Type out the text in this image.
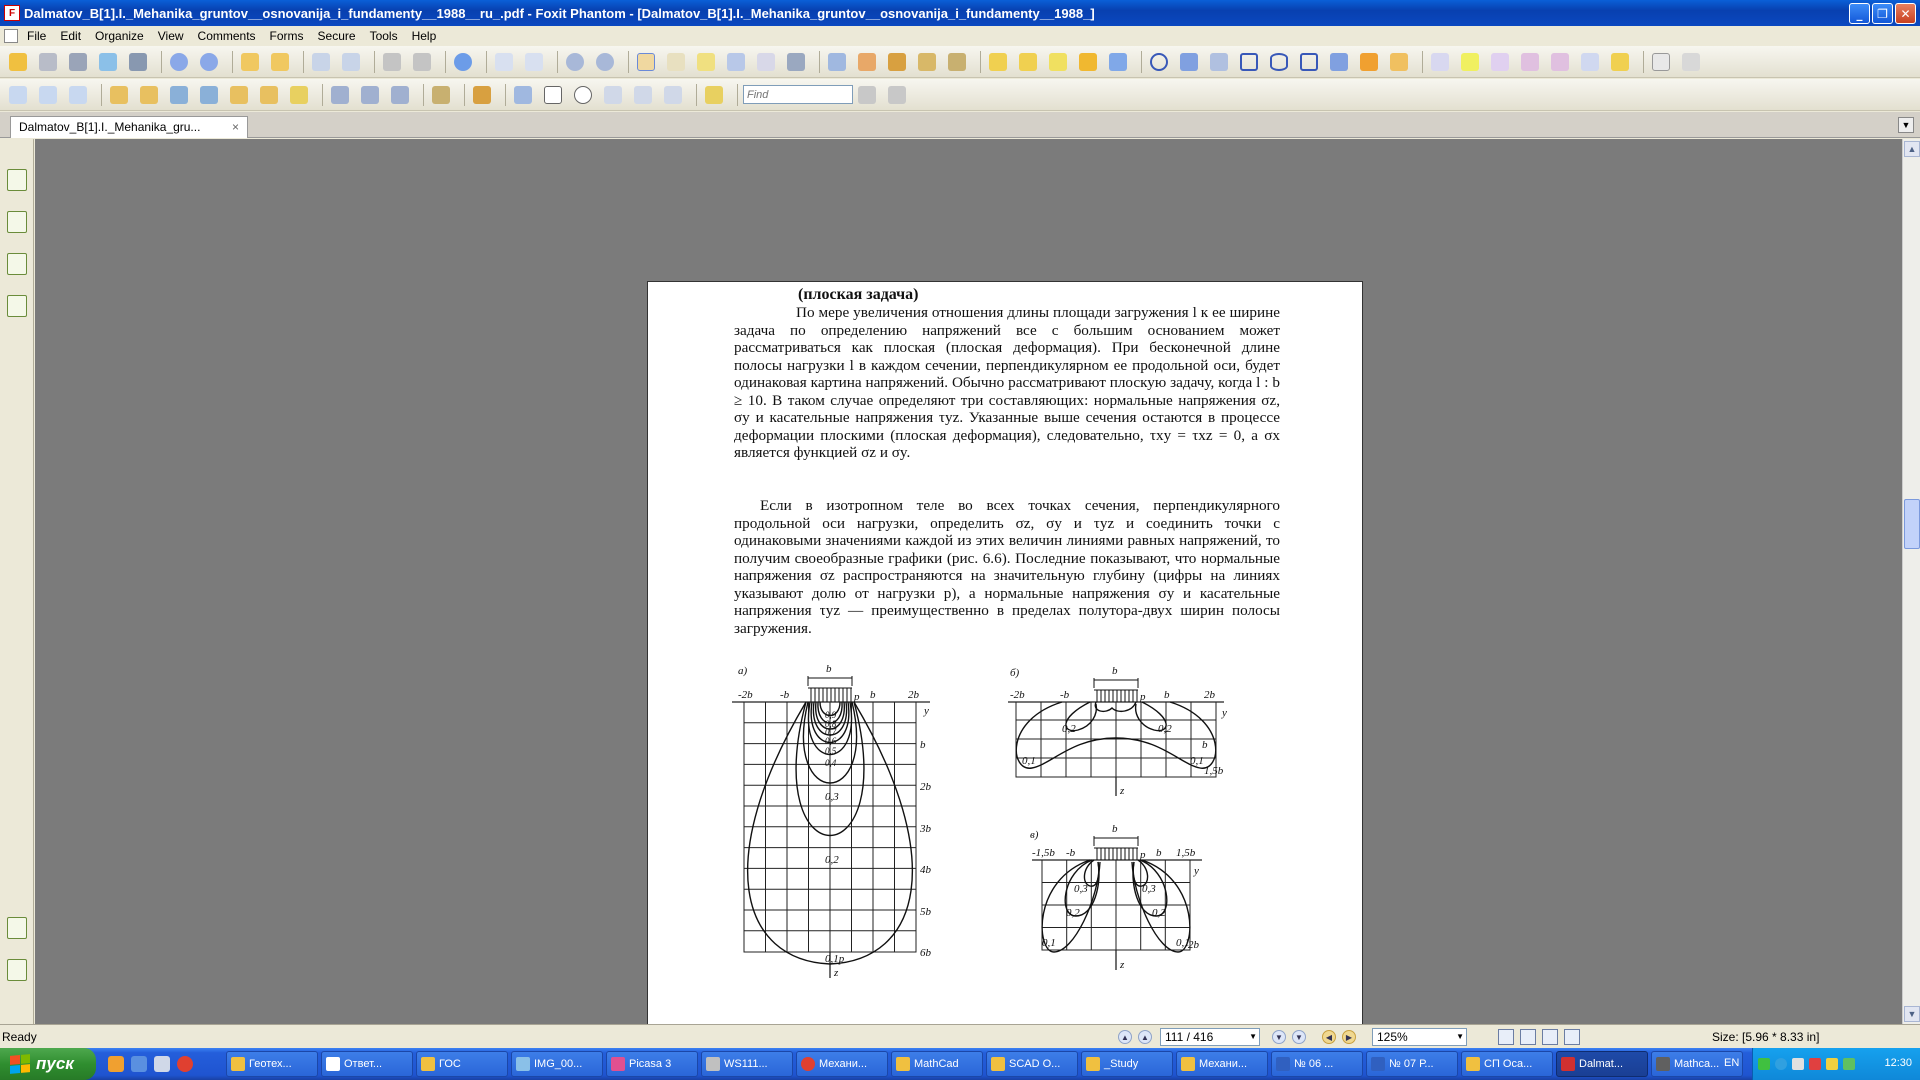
F Dalmatov_B[1].I._Mehanika_gruntov__osnovanija_i_fundamenty__1988__ru_.pdf - Foxit Phantom - [Dalmatov_B[1].I._Mehanika_gruntov__osnovanija_i_fundamenty__1988_]	_	❐	✕
File	Edit	Organize	View	Comments	Forms	Secure	Tools	Help
Find
Dalmatov_B[1].I._Mehanika_gru...	×	▼
(плоская задача)
По мере увеличения отношения длины площади загружения l к ее ширине задача по определению напряжений все с большим основанием может рассматриваться как плоская (плоская деформация). При бесконечной длине полосы нагрузки l в каждом сечении, перпендикулярном ее продольной оси, будет одинаковая картина напряжений. Обычно рассматривают плоскую задачу, когда l : b ≥ 10. В таком случае определяют три составляющих: нормальные напряжения σz, σy и касательные напряжения τyz. Указанные выше сечения остаются в процессе деформации плоскими (плоская деформация), следовательно, τxy = τxz = 0, а σx является функцией σz и σy.
Если в изотропном теле во всех точках сечения, перпендикулярного продольной оси нагрузки, определить σz, σy и τyz и соединить точки с одинаковыми значениями каждой из этих величин линиями равных напряжений, то получим своеобразные графики (рис. 6.6). Последние показывают, что нормальные напряжения σz распространяются на значительную глубину (цифры на линиях указывают долю от нагрузки p), а нормальные напряжения σy и касательные напряжения τyz — преимущественно в пределах полутора-двух ширин полосы загружения.
а)	b
p
-2b -b	b	2b
y
b
2b
3b
4b
5b
6b
z
0,9
0,8
0,7
0,6
0,5
0,4
0,3
0,2
0,1p
б)	b
p
-2b	-b	b	2b
y
b
1,5b
z
0,2	0,2
0,1	0,1
в)	b
p
-1,5b -b	b 1,5b
y
2b
z
0,3	0,3
0,2	0,2
0,1	0,1
▲
▼
Ready	▲	▲	111 / 416	▼	▼	▼	◀	▶	125%	▼	Size: [5.96 * 8.33 in]
пуск	Геотех...	Ответ...	ГОС	IMG_00...	Picasa 3	WS111...	Механи...	MathCad	SCAD O...	_Study	Механи...	№ 06 ...	№ 07 Р...	СП Оса...	Dalmat...	Mathca... EN	12:30
